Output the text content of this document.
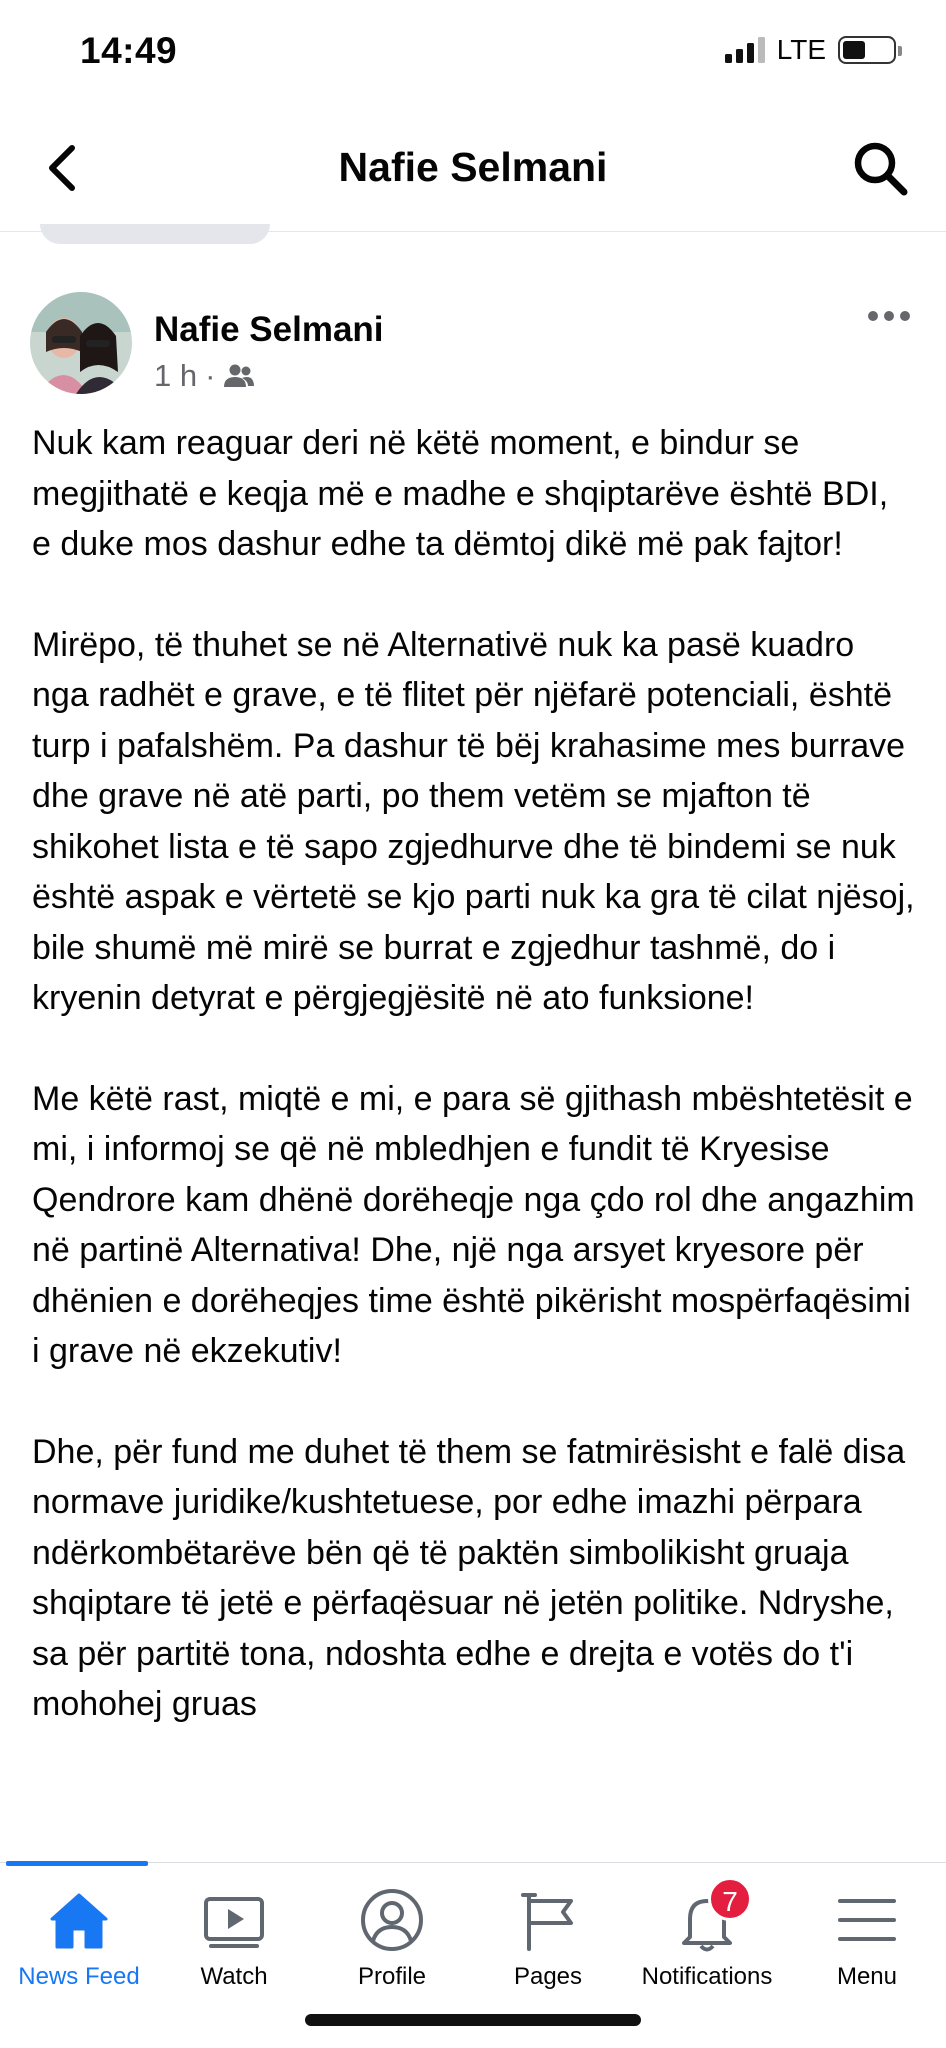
14:49	LTE
Nafie Selmani
Nafie Selmani
1 h ·

Nuk kam reaguar deri në këtë moment, e bindur se megjithatë e keqja më e madhe e shqiptarëve është BDI, e duke mos dashur edhe ta dëmtoj dikë më pak fajtor!

Mirëpo, të thuhet se në Alternativë nuk ka pasë kuadro nga radhët e grave, e të flitet për njëfarë potenciali, është turp i pafalshëm. Pa dashur të bëj krahasime mes burrave dhe grave në atë parti, po them vetëm se mjafton të shikohet lista e të sapo zgjedhurve dhe të bindemi se nuk është aspak e vërtetë se kjo parti nuk ka gra të cilat njësoj, bile shumë më mirë se burrat e zgjedhur tashmë, do i kryenin detyrat e përgjegjësitë në ato funksione!

Me këtë rast, miqtë e mi, e para së gjithash mbështetësit e mi, i informoj se që në mbledhjen e fundit të Kryesise Qendrore kam dhënë dorëheqje nga çdo rol dhe angazhim në partinë Alternativa! Dhe, një nga arsyet kryesore për dhënien e dorëheqjes time është pikërisht mospërfaqësimi i grave në ekzekutiv!

Dhe, për fund me duhet të them se fatmirësisht e falë disa normave juridike/kushtetuese, por edhe imazhi përpara ndërkombëtarëve bën që të paktën simbolikisht gruaja shqiptare të jetë e përfaqësuar në jetën politike. Ndryshe, sa për partitë tona, ndoshta edhe e drejta e votës do t'i mohohej gruas

News Feed	Watch	Profile	Pages
7
Notifications	Menu
